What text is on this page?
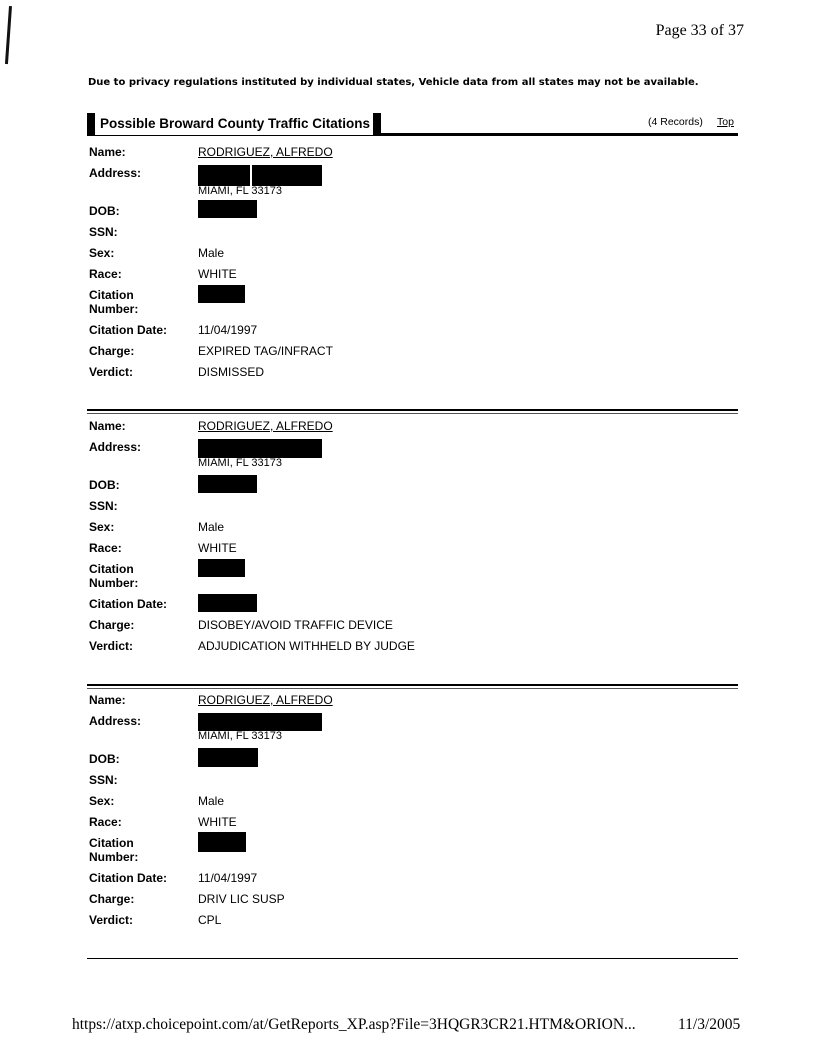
Page 33 of 37
Due to privacy regulations instituted by individual states, Vehicle data from all states may not be available.
Possible Broward County Traffic Citations	(4 Records) Top
Name:	RODRIGUEZ, ALFREDO
Address:
MIAMI, FL 33173
DOB:
SSN:
Sex:	Male
Race:	WHITE
Citation
Number:
Citation Date:	11/04/1997
Charge:	EXPIRED TAG/INFRACT
Verdict:	DISMISSED
Name:	RODRIGUEZ, ALFREDO
Address:
MIAMI, FL 33173
DOB:
SSN:
Sex:	Male
Race:	WHITE
Citation
Number:
Citation Date:
Charge:	DISOBEY/AVOID TRAFFIC DEVICE
Verdict:	ADJUDICATION WITHHELD BY JUDGE
Name:	RODRIGUEZ, ALFREDO
Address:
MIAMI, FL 33173
DOB:
SSN:
Sex:	Male
Race:	WHITE
Citation
Number:
Citation Date:	11/04/1997
Charge:	DRIV LIC SUSP
Verdict:	CPL
https://atxp.choicepoint.com/at/GetReports_XP.asp?File=3HQGR3CR21.HTM&ORION...	11/3/2005
